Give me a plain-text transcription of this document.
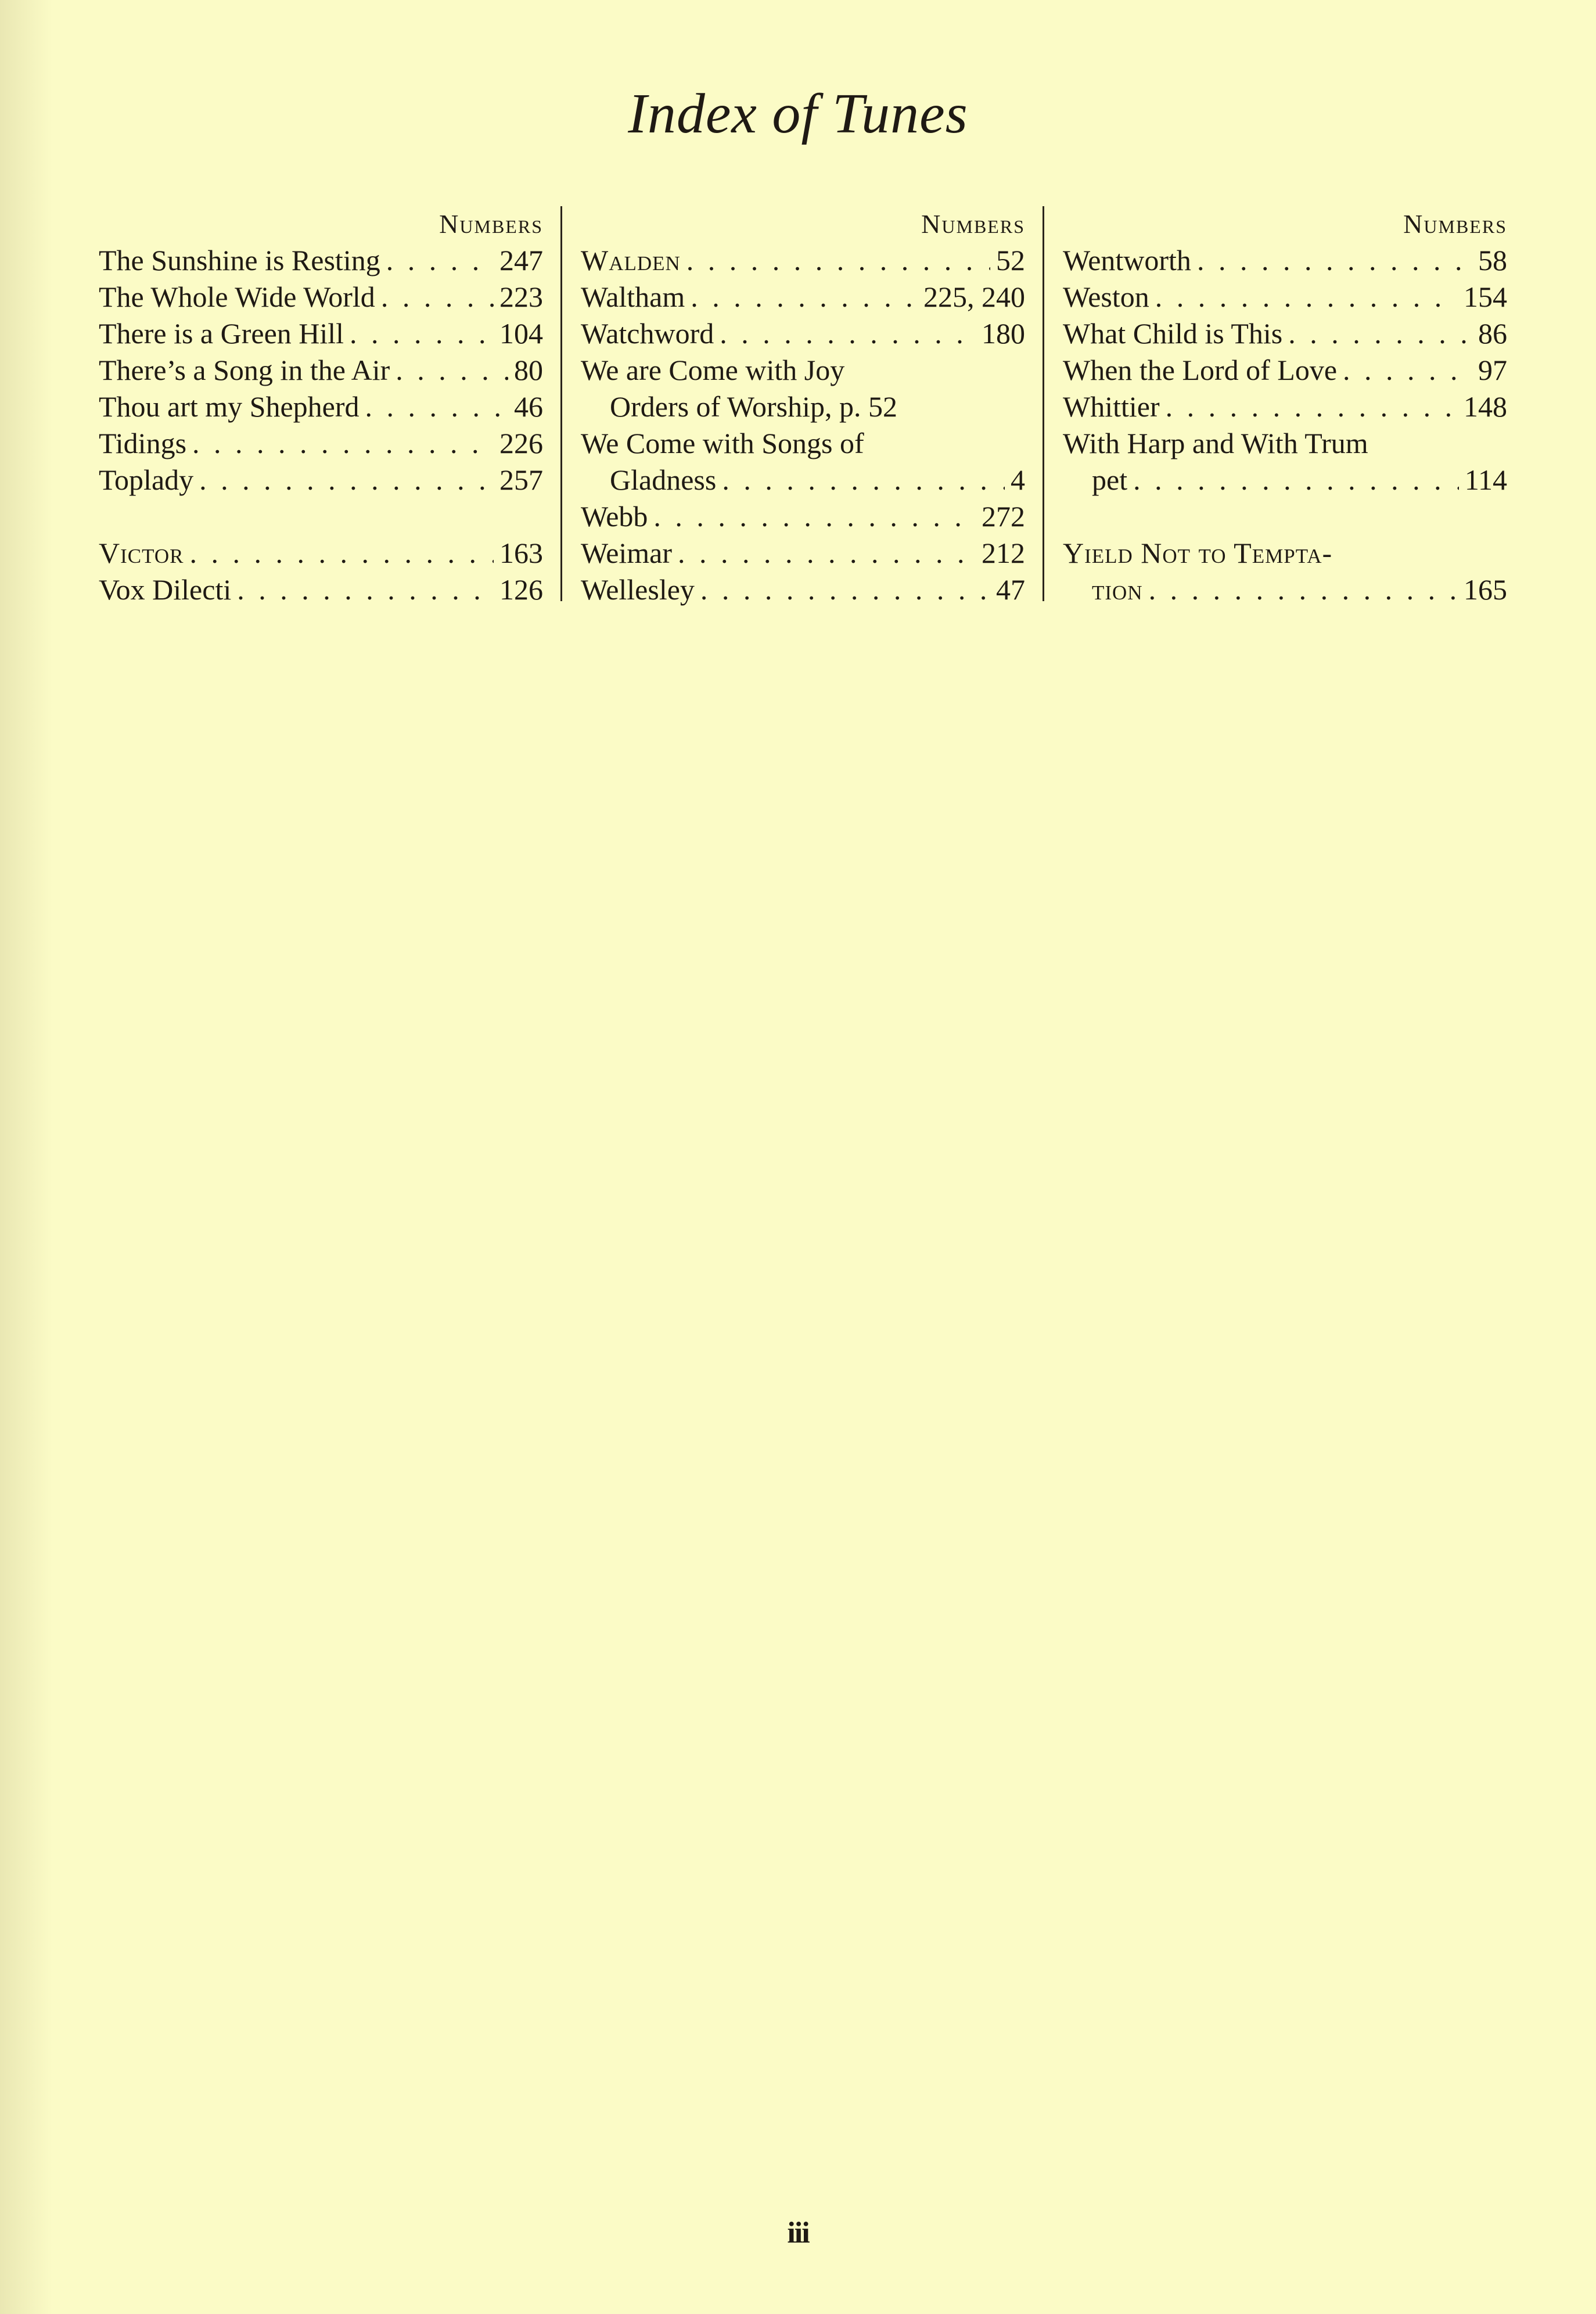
Index of Tunes
Numbers
The Sunshine is Resting . . .	247
The Whole Wide World . . .	223
There is a Green Hill . . .	104
There’s a Song in the Air . . .	80
Thou art my Shepherd . . .	46
Tidings . . .	226
Toplady . . .	257
Victor . . .	163
Vox Dilecti . . .	126
Numbers
Walden . . .	52
Waltham . . .	225, 240
Watchword . . .	180
We are Come with Joy
Orders of Worship, p. 52
We Come with Songs of
Gladness . . .	4
Webb . . .	272
Weimar . . .	212
Wellesley . . .	47
Numbers
Wentworth . . .	58
Weston . . .	154
What Child is This . . .	86
When the Lord of Love . . .	97
Whittier . . .	148
With Harp and With Trum
pet . . .	114
Yield Not to Tempta-
tion . . .	165
iii
